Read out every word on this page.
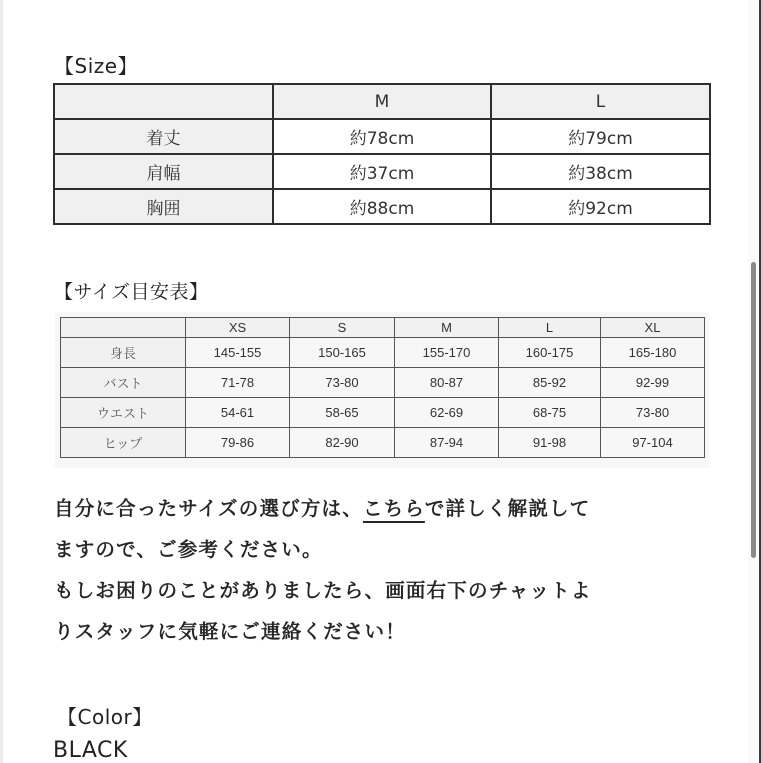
【Size】
	M	L
着丈	約78cm	約79cm
肩幅	約37cm	約38cm
胸囲	約88cm	約92cm
【サイズ目安表】
	XS	S	M	L	XL
身長	145-155	150-165	155-170	160-175	165-180
バスト	71-78	73-80	80-87	85-92	92-99
ウエスト	54-61	58-65	62-69	68-75	73-80
ヒップ	79-86	82-90	87-94	91-98	97-104

自分に合ったサイズの選び方は、こちらで詳しく解説して

ますので、ご参考ください。

もしお困りのことがありましたら、画面右下のチャットよ

りスタッフに気軽にご連絡ください！

【Color】
BLACK
